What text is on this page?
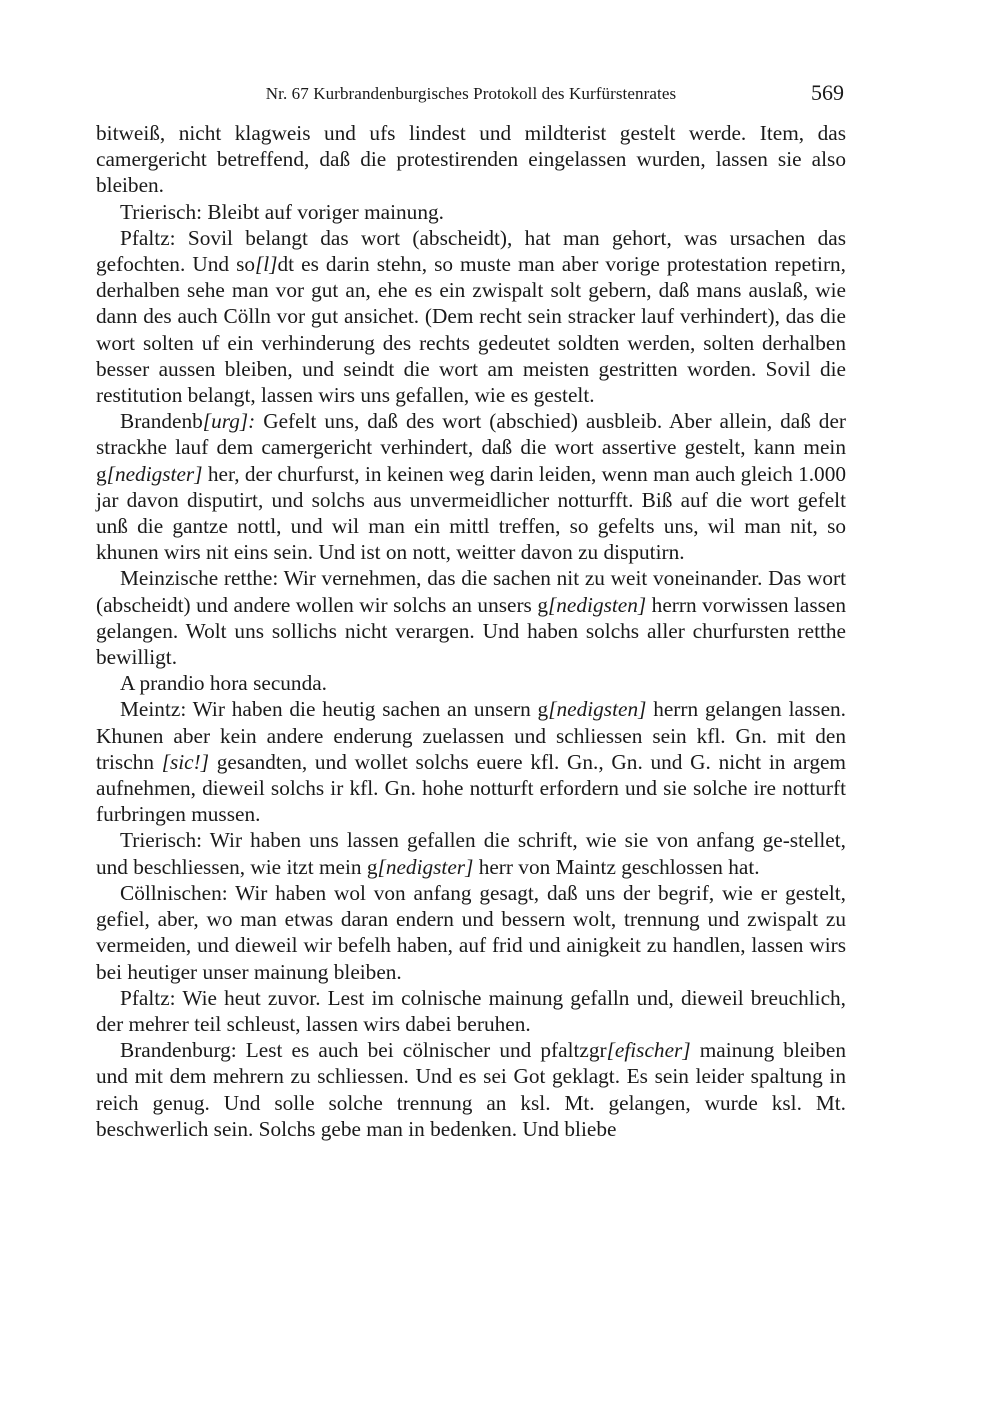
Nr. 67 Kurbrandenburgisches Protokoll des Kurfürstenrates	569

bitweiß, nicht klagweis und ufs lindest und mildterist gestelt werde. Item, das camergericht betreffend, daß die protestirenden eingelassen wurden, lassen sie also bleiben.

Trierisch: Bleibt auf voriger mainung.

Pfaltz: Sovil belangt das wort (abscheidt), hat man gehort, was ursachen das gefochten. Und so[l]dt es darin stehn, so muste man aber vorige protestation repetirn, derhalben sehe man vor gut an, ehe es ein zwispalt solt gebern, daß mans auslaß, wie dann des auch Cölln vor gut ansichet. (Dem recht sein stracker lauf verhindert), das die wort solten uf ein verhinderung des rechts gedeutet soldten werden, solten derhalben besser aussen bleiben, und seindt die wort am meisten gestritten worden. Sovil die restitution belangt, lassen wirs uns gefallen, wie es gestelt.

Brandenb[urg]: Gefelt uns, daß des wort (abschied) ausbleib. Aber allein, daß der strackhe lauf dem camergericht verhindert, daß die wort assertive gestelt, kann mein g[nedigster] her, der churfurst, in keinen weg darin leiden, wenn man auch gleich 1.000 jar davon disputirt, und solchs aus unvermeidlicher notturfft. Biß auf die wort gefelt unß die gantze nottl, und wil man ein mittl treffen, so gefelts uns, wil man nit, so khunen wirs nit eins sein. Und ist on nott, weitter davon zu disputirn.

Meinzische retthe: Wir vernehmen, das die sachen nit zu weit voneinander. Das wort (abscheidt) und andere wollen wir solchs an unsers g[nedigsten] herrn vorwissen lassen gelangen. Wolt uns sollichs nicht verargen. Und haben solchs aller churfursten retthe bewilligt.

A prandio hora secunda.

Meintz: Wir haben die heutig sachen an unsern g[nedigsten] herrn gelangen lassen. Khunen aber kein andere enderung zuelassen und schliessen sein kfl. Gn. mit den trischn [sic!] gesandten, und wollet solchs euere kfl. Gn., Gn. und G. nicht in argem aufnehmen, dieweil solchs ir kfl. Gn. hohe notturft erfordern und sie solche ire notturft furbringen mussen.

Trierisch: Wir haben uns lassen gefallen die schrift, wie sie von anfang ge-stellet, und beschliessen, wie itzt mein g[nedigster] herr von Maintz geschlossen hat.

Cöllnischen: Wir haben wol von anfang gesagt, daß uns der begrif, wie er gestelt, gefiel, aber, wo man etwas daran endern und bessern wolt, trennung und zwispalt zu vermeiden, und dieweil wir befelh haben, auf frid und ainigkeit zu handlen, lassen wirs bei heutiger unser mainung bleiben.

Pfaltz: Wie heut zuvor. Lest im colnische mainung gefalln und, dieweil breuchlich, der mehrer teil schleust, lassen wirs dabei beruhen.

Brandenburg: Lest es auch bei cölnischer und pfaltzgr[efischer] mainung bleiben und mit dem mehrern zu schliessen. Und es sei Got geklagt. Es sein leider spaltung in reich genug. Und solle solche trennung an ksl. Mt. gelangen, wurde ksl. Mt. beschwerlich sein. Solchs gebe man in bedenken. Und bliebe
